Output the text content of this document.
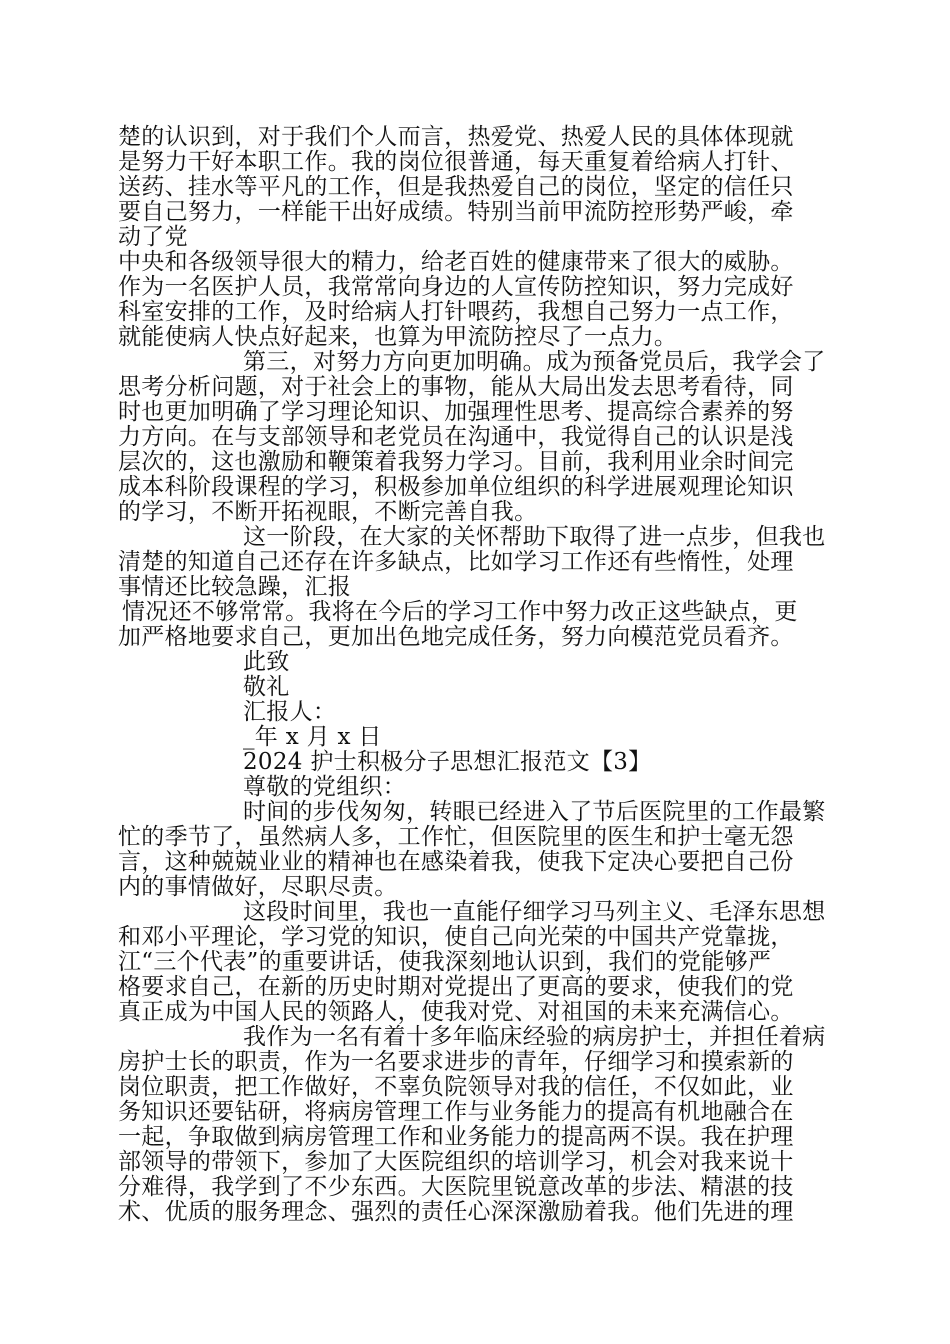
楚的认识到，对于我们个人而言，热爱党、热爱人民的具体体现就
是努力干好本职工作。我的岗位很普通，每天重复着给病人打针、
送药、挂水等平凡的工作，但是我热爱自己的岗位，坚定的信任只
要自己努力，一样能干出好成绩。特别当前甲流防控形势严峻，牵
动了党
中央和各级领导很大的精力，给老百姓的健康带来了很大的威胁。
作为一名医护人员，我常常向身边的人宣传防控知识，努力完成好
科室安排的工作，及时给病人打针喂药，我想自己努力一点工作，
就能使病人快点好起来，也算为甲流防控尽了一点力。
第三，对努力方向更加明确。成为预备党员后，我学会了
思考分析问题，对于社会上的事物，能从大局出发去思考看待，同
时也更加明确了学习理论知识、加强理性思考、提高综合素养的努
力方向。在与支部领导和老党员在沟通中，我觉得自己的认识是浅
层次的，这也激励和鞭策着我努力学习。目前，我利用业余时间完
成本科阶段课程的学习，积极参加单位组织的科学进展观理论知识
的学习，不断开拓视眼，不断完善自我。
这一阶段，在大家的关怀帮助下取得了进一点步，但我也
清楚的知道自己还存在许多缺点，比如学习工作还有些惰性，处理
事情还比较急躁，汇报
情况还不够常常。我将在今后的学习工作中努力改正这些缺点，更
加严格地要求自己，更加出色地完成任务，努力向模范党员看齐。
此致
敬礼
汇报人：
_年 x 月 x 日
2024 护士积极分子思想汇报范文【3】
尊敬的党组织：
时间的步伐匆匆，转眼已经进入了节后医院里的工作最繁
忙的季节了，虽然病人多，工作忙，但医院里的医生和护士毫无怨
言，这种兢兢业业的精神也在感染着我，使我下定决心要把自己份
内的事情做好，尽职尽责。
这段时间里，我也一直能仔细学习马列主义、毛泽东思想
和邓小平理论，学习党的知识，使自己向光荣的中国共产党靠拢，
江“三个代表”的重要讲话，使我深刻地认识到，我们的党能够严
格要求自己，在新的历史时期对党提出了更高的要求，使我们的党
真正成为中国人民的领路人，使我对党、对祖国的未来充满信心。
我作为一名有着十多年临床经验的病房护士，并担任着病
房护士长的职责，作为一名要求进步的青年，仔细学习和摸索新的
岗位职责，把工作做好，不辜负院领导对我的信任，不仅如此，业
务知识还要钻研，将病房管理工作与业务能力的提高有机地融合在
一起，争取做到病房管理工作和业务能力的提高两不误。我在护理
部领导的带领下，参加了大医院组织的培训学习，机会对我来说十
分难得，我学到了不少东西。大医院里锐意改革的步法、精湛的技
术、优质的服务理念、强烈的责任心深深激励着我。他们先进的理
